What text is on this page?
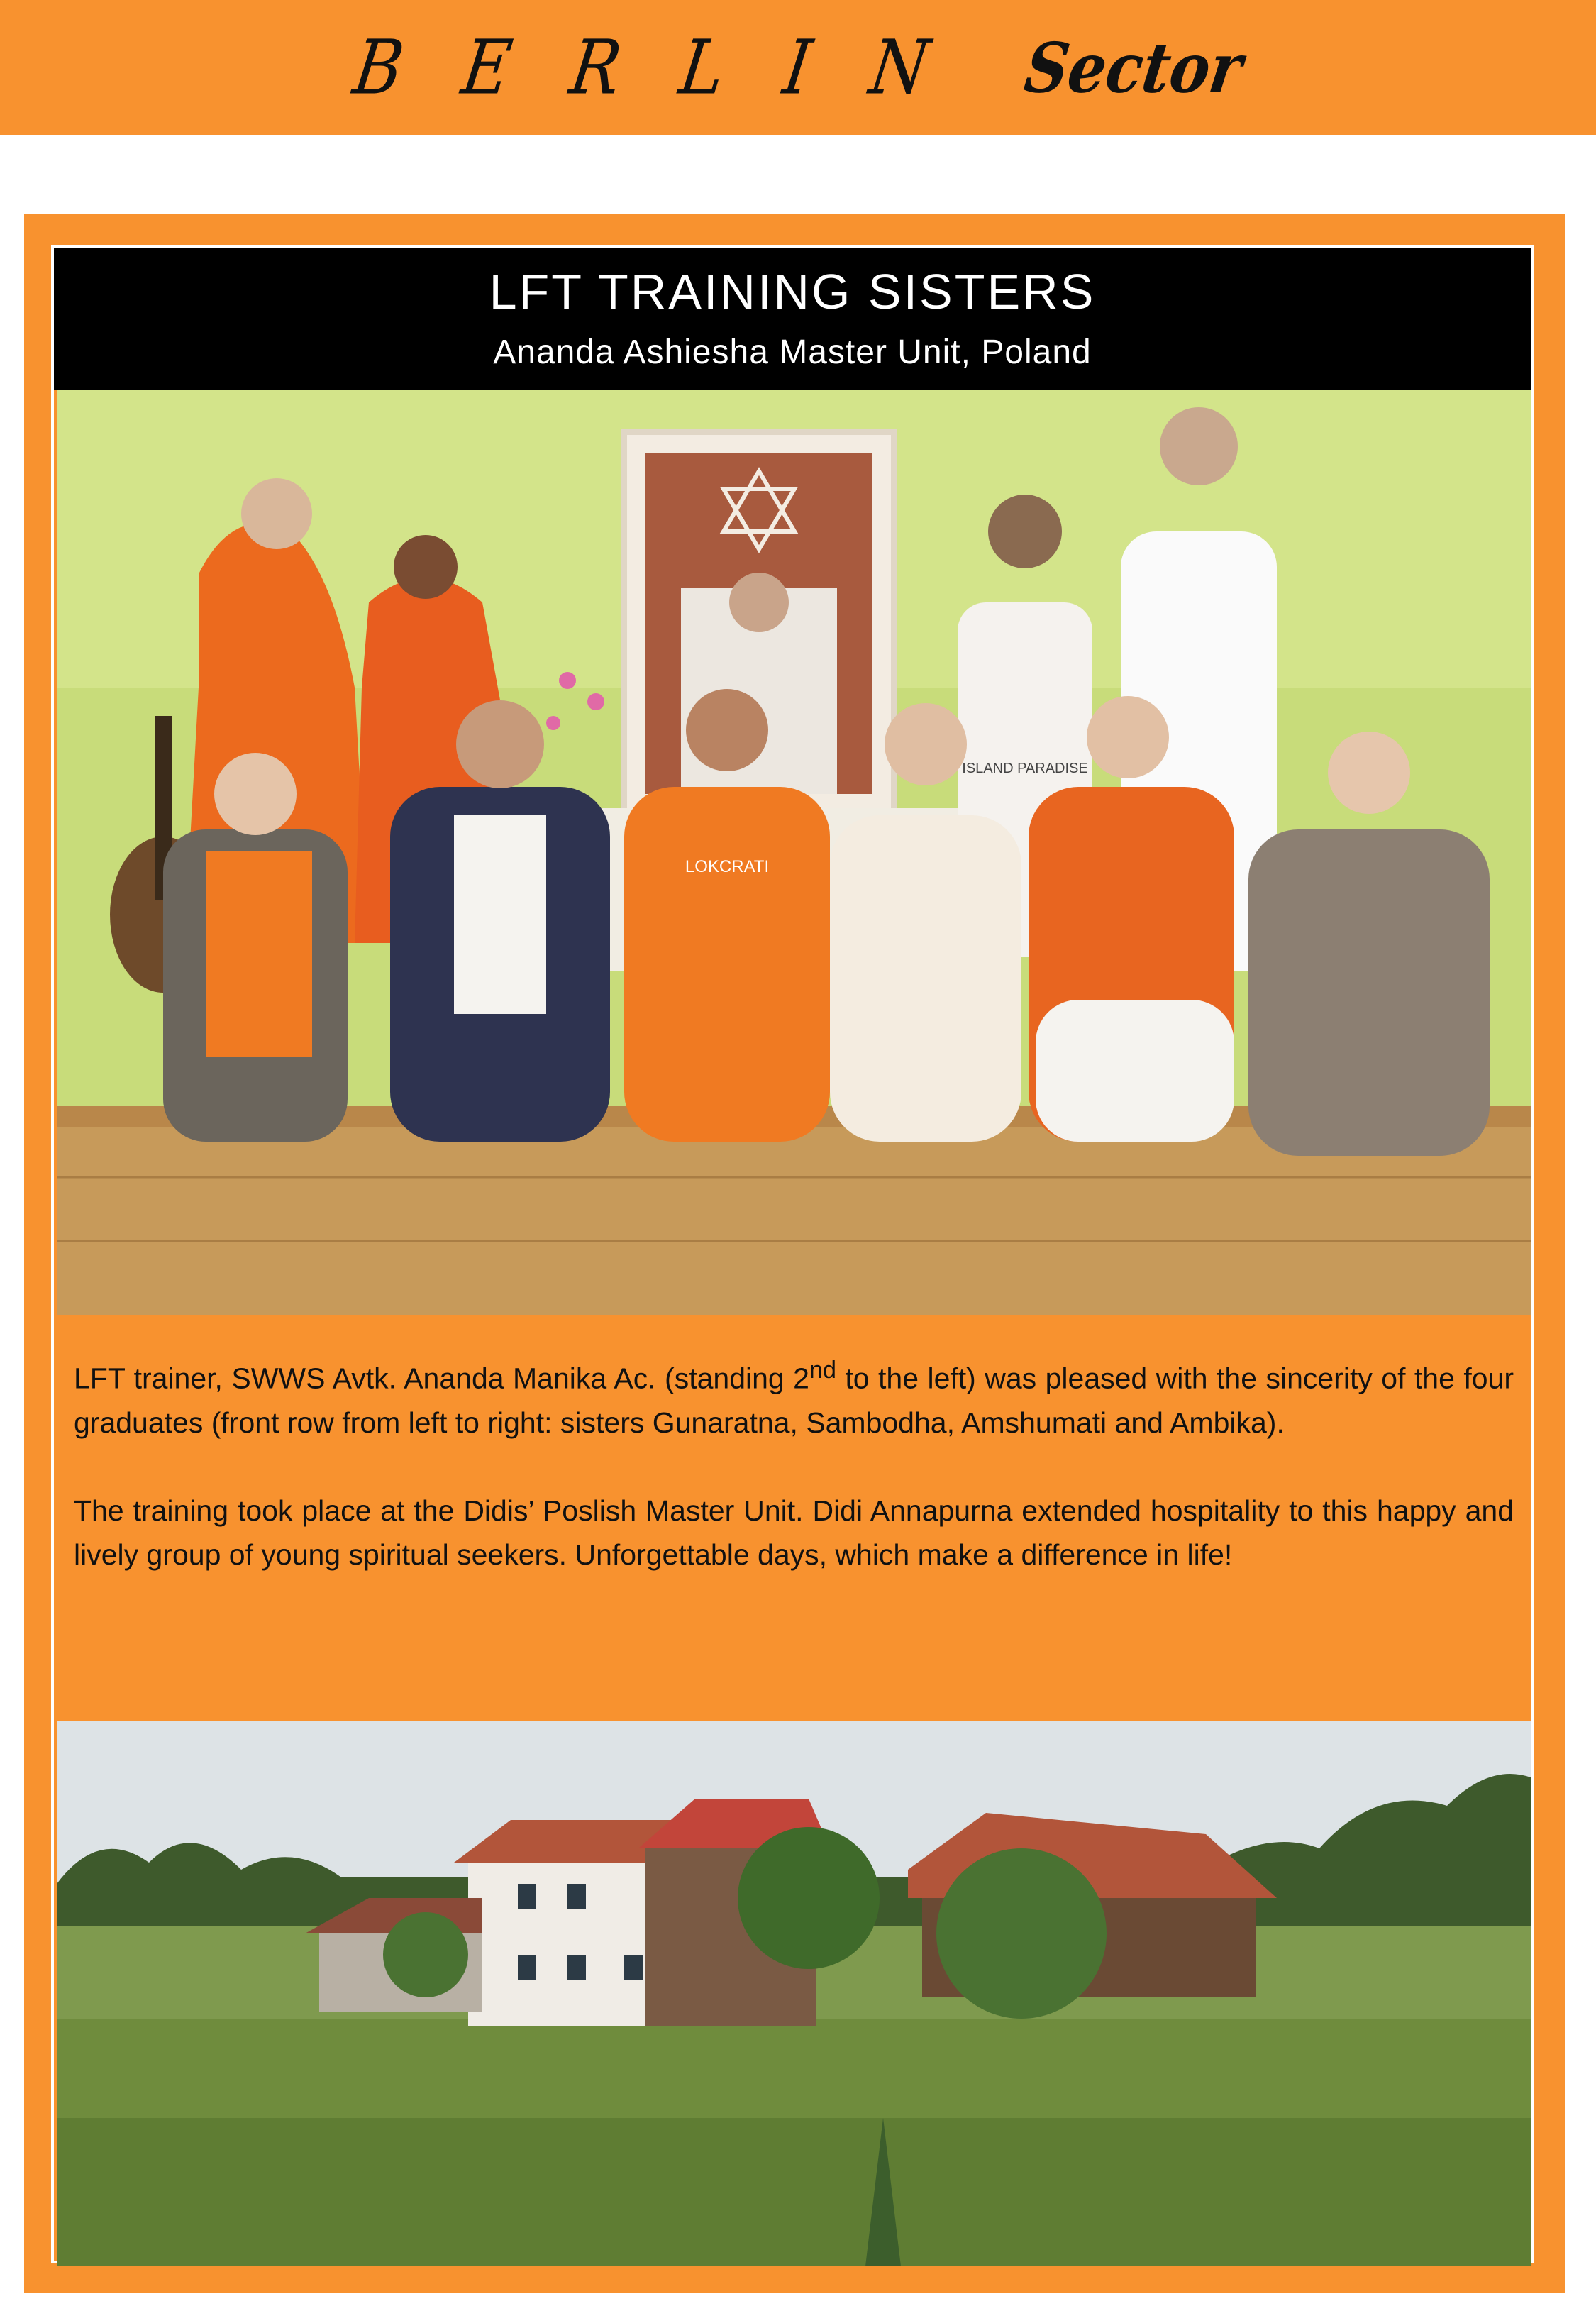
B E R L I N Sector
LFT TRAINING SISTERS
Ananda Ashiesha Master Unit, Poland
ISLAND PARADISE
LOKCRATI

LFT trainer, SWWS Avtk. Ananda Manika Ac. (standing 2nd to the left) was pleased with the sincerity of the four graduates (front row from left to right: sisters Gunaratna, Sambodha, Amshumati and Ambika).

The training took place at the Didis’ Poslish Master Unit. Didi Annapurna extended hospitality to this happy and lively group of young spiritual seekers. Unforgettable days, which make a difference in life!
